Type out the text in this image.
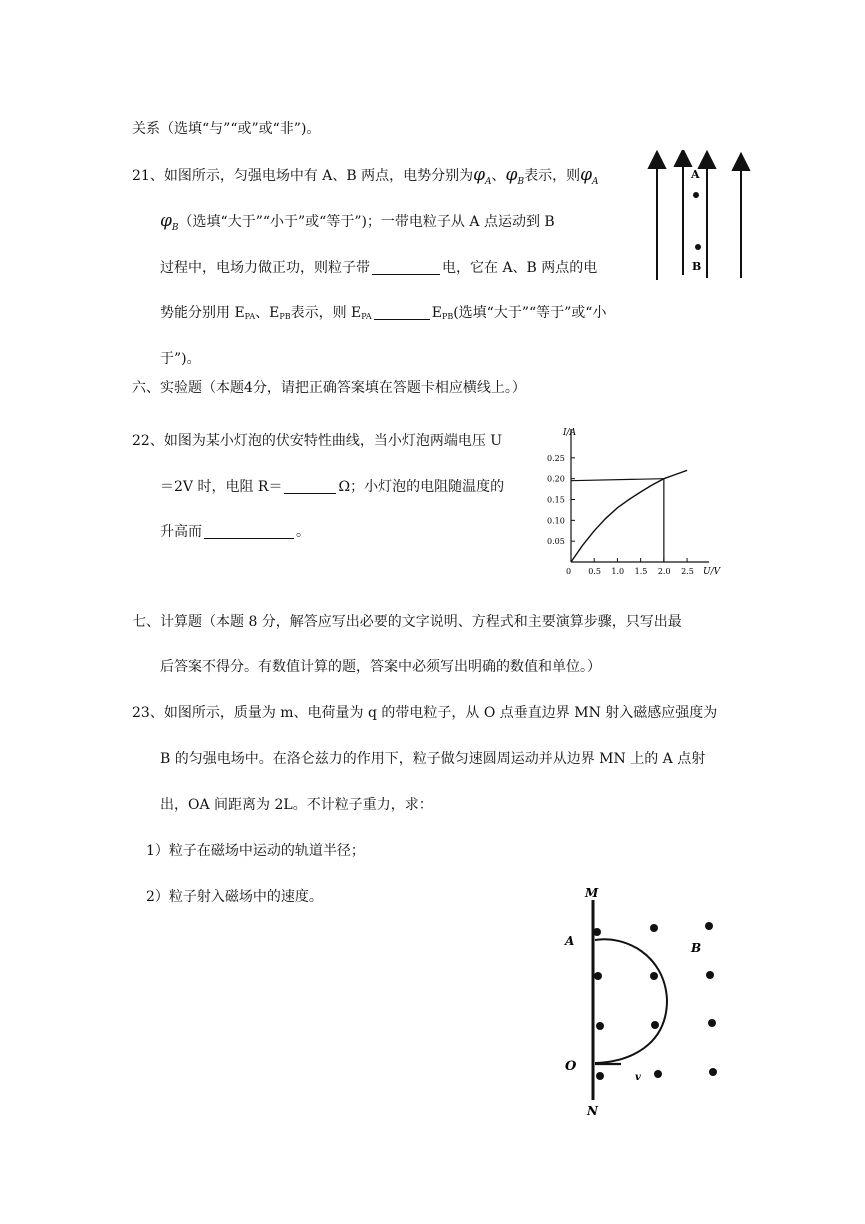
关系（选填“与”“或”或“非”)。
21、如图所示，匀强电场中有 A、B 两点，电势分别为$\varphi_A$、$\varphi_B$表示，则$\varphi_A$
$\varphi_B$（选填“大于”“小于”或“等于”)；一带电粒子从 A 点运动到 B
过程中，电场力做正功，则粒子带	电，它在 A、B 两点的电
势能分别用 EPA、EPB表示，则 EPA	EPB(选填“大于”“等于”或“小
于”)。
A
B
六、实验题（本题4分，请把正确答案填在答题卡相应横线上。）
22、如图为某小灯泡的伏安特性曲线，当小灯泡两端电压 U
＝2V 时，电阻 R＝	Ω；小灯泡的电阻随温度的
升高而	。
0 0.5 1.0 1.5 2.0 2.5
0.05
0.10
0.15
0.20
0.25
I/A
U/V
七、计算题（本题 8 分，解答应写出必要的文字说明、方程式和主要演算步骤，只写出最
后答案不得分。有数值计算的题，答案中必须写出明确的数值和单位。）
23、如图所示，质量为 m、电荷量为 q 的带电粒子，从 O 点垂直边界 MN 射入磁感应强度为
B 的匀强电场中。在洛仑兹力的作用下，粒子做匀速圆周运动并从边界 MN 上的 A 点射
出，OA 间距离为 2L。不计粒子重力，求：
1）粒子在磁场中运动的轨道半径；
2）粒子射入磁场中的速度。	M
N
A
O
B
v
